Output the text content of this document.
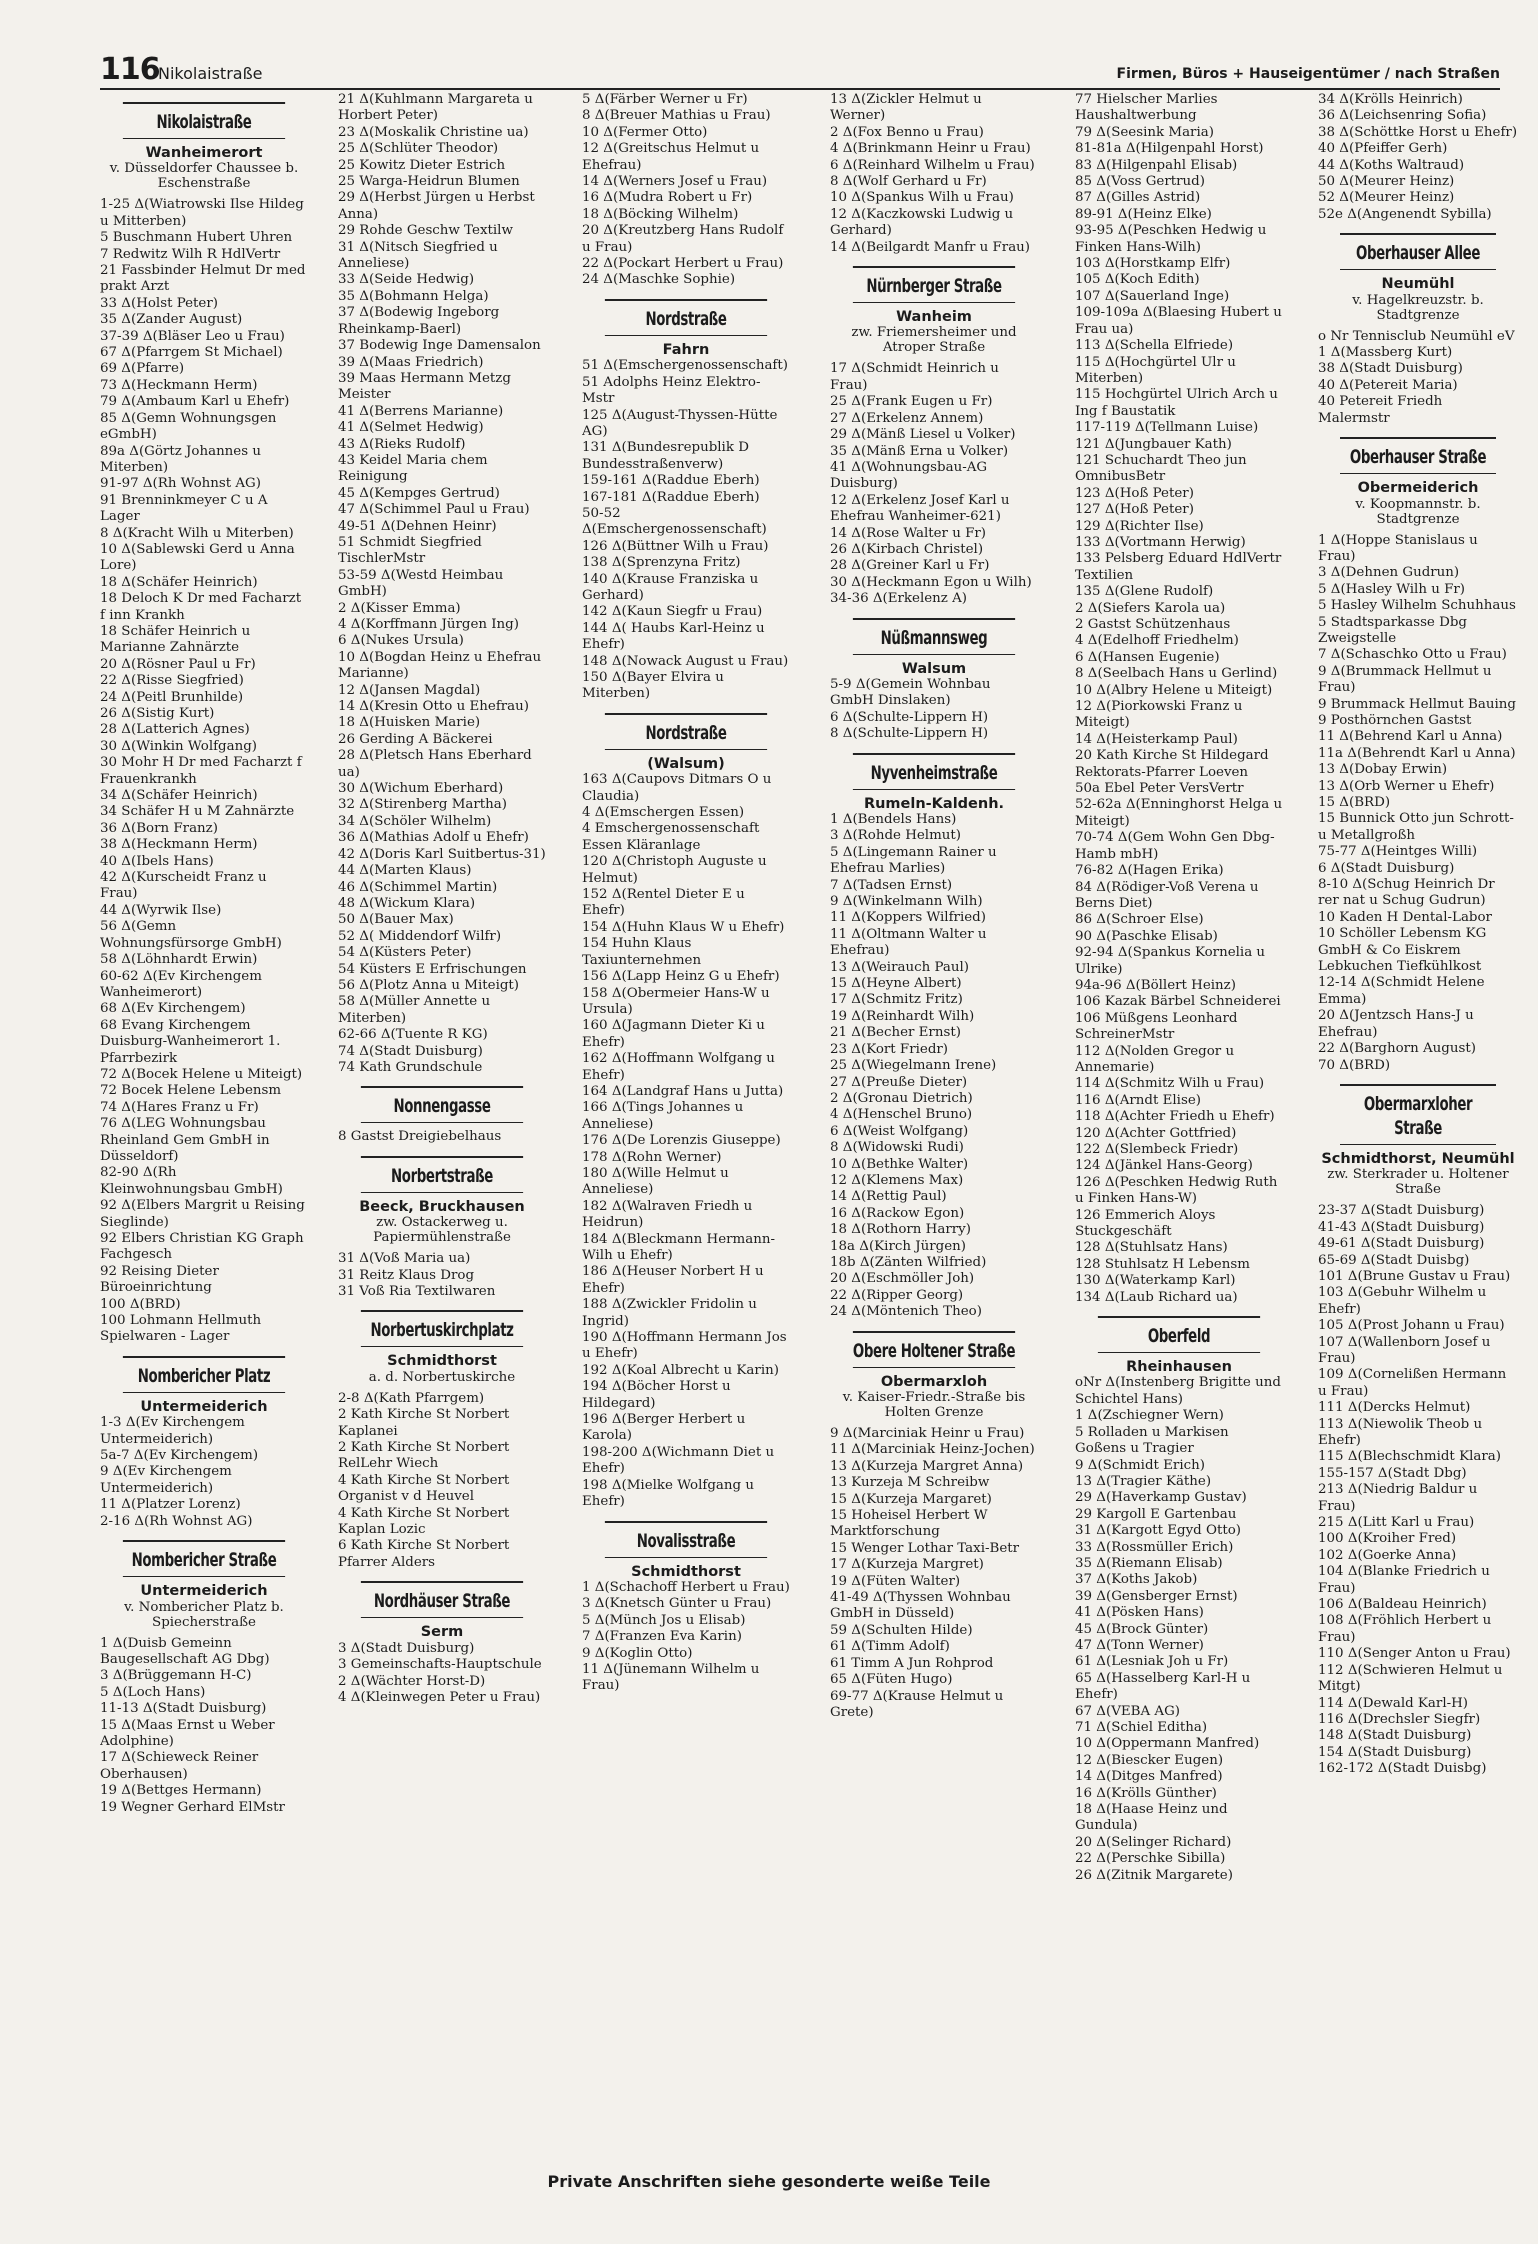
116
Nikolaistraße	Firmen, Büros + Hauseigentümer / nach Straßen
Nikolaistraße
Wanheimerort
v. Düsseldorfer Chaussee b. Eschenstraße
1-25 Δ(Wiatrowski Ilse Hildeg u Mitterben)
5 Buschmann Hubert Uhren
7 Redwitz Wilh R HdlVertr
21 Fassbinder Helmut Dr med prakt Arzt
33 Δ(Holst Peter)
35 Δ(Zander August)
37-39 Δ(Bläser Leo u Frau)
67 Δ(Pfarrgem St Michael)
69 Δ(Pfarre)
73 Δ(Heckmann Herm)
79 Δ(Ambaum Karl u Ehefr)
85 Δ(Gemn Wohnungsgen eGmbH)
89a Δ(Görtz Johannes u Miterben)
91-97 Δ(Rh Wohnst AG)
91 Brenninkmeyer C u A Lager
8 Δ(Kracht Wilh u Miterben)
10 Δ(Sablewski Gerd u Anna Lore)
18 Δ(Schäfer Heinrich)
18 Deloch K Dr med Facharzt f inn Krankh
18 Schäfer Heinrich u Marianne Zahnärzte
20 Δ(Rösner Paul u Fr)
22 Δ(Risse Siegfried)
24 Δ(Peitl Brunhilde)
26 Δ(Sistig Kurt)
28 Δ(Latterich Agnes)
30 Δ(Winkin Wolfgang)
30 Mohr H Dr med Facharzt f Frauenkrankh
34 Δ(Schäfer Heinrich)
34 Schäfer H u M Zahnärzte
36 Δ(Born Franz)
38 Δ(Heckmann Herm)
40 Δ(Ibels Hans)
42 Δ(Kurscheidt Franz u Frau)
44 Δ(Wyrwik Ilse)
56 Δ(Gemn Wohnungsfürsorge GmbH)
58 Δ(Löhnhardt Erwin)
60-62 Δ(Ev Kirchengem Wanheimerort)
68 Δ(Ev Kirchengem)
68 Evang Kirchengem Duisburg-Wanheimerort 1. Pfarrbezirk
72 Δ(Bocek Helene u Miteigt)
72 Bocek Helene Lebensm
74 Δ(Hares Franz u Fr)
76 Δ(LEG Wohnungsbau Rheinland Gem GmbH in Düsseldorf)
82-90 Δ(Rh Kleinwohnungsbau GmbH)
92 Δ(Elbers Margrit u Reising Sieglinde)
92 Elbers Christian KG Graph Fachgesch
92 Reising Dieter Büroeinrichtung
100 Δ(BRD)
100 Lohmann Hellmuth Spielwaren - Lager
Nombericher Platz
Untermeiderich
1-3 Δ(Ev Kirchengem Untermeiderich)
5a-7 Δ(Ev Kirchengem)
9 Δ(Ev Kirchengem Untermeiderich)
11 Δ(Platzer Lorenz)
2-16 Δ(Rh Wohnst AG)
Nombericher Straße
Untermeiderich
v. Nombericher Platz b. Spiecherstraße
1 Δ(Duisb Gemeinn Baugesellschaft AG Dbg)
3 Δ(Brüggemann H-C)
5 Δ(Loch Hans)
11-13 Δ(Stadt Duisburg)
15 Δ(Maas Ernst u Weber Adolphine)
17 Δ(Schieweck Reiner Oberhausen)
19 Δ(Bettges Hermann)
19 Wegner Gerhard ElMstr
21 Δ(Kuhlmann Margareta u Horbert Peter)
23 Δ(Moskalik Christine ua)
25 Δ(Schlüter Theodor)
25 Kowitz Dieter Estrich
25 Warga-Heidrun Blumen
29 Δ(Herbst Jürgen u Herbst Anna)
29 Rohde Geschw Textilw
31 Δ(Nitsch Siegfried u Anneliese)
33 Δ(Seide Hedwig)
35 Δ(Bohmann Helga)
37 Δ(Bodewig Ingeborg Rheinkamp-Baerl)
37 Bodewig Inge Damensalon
39 Δ(Maas Friedrich)
39 Maas Hermann Metzg Meister
41 Δ(Berrens Marianne)
41 Δ(Selmet Hedwig)
43 Δ(Rieks Rudolf)
43 Keidel Maria chem Reinigung
45 Δ(Kempges Gertrud)
47 Δ(Schimmel Paul u Frau)
49-51 Δ(Dehnen Heinr)
51 Schmidt Siegfried TischlerMstr
53-59 Δ(Westd Heimbau GmbH)
2 Δ(Kisser Emma)
4 Δ(Korffmann Jürgen Ing)
6 Δ(Nukes Ursula)
10 Δ(Bogdan Heinz u Ehefrau Marianne)
12 Δ(Jansen Magdal)
14 Δ(Kresin Otto u Ehefrau)
18 Δ(Huisken Marie)
26 Gerding A Bäckerei
28 Δ(Pletsch Hans Eberhard ua)
30 Δ(Wichum Eberhard)
32 Δ(Stirenberg Martha)
34 Δ(Schöler Wilhelm)
36 Δ(Mathias Adolf u Ehefr)
42 Δ(Doris Karl Suitbertus-31)
44 Δ(Marten Klaus)
46 Δ(Schimmel Martin)
48 Δ(Wickum Klara)
50 Δ(Bauer Max)
52 Δ( Middendorf Wilfr)
54 Δ(Küsters Peter)
54 Küsters E Erfrischungen
56 Δ(Plotz Anna u Miteigt)
58 Δ(Müller Annette u Miterben)
62-66 Δ(Tuente R KG)
74 Δ(Stadt Duisburg)
74 Kath Grundschule
Nonnengasse
8 Gastst Dreigiebelhaus
Norbertstraße
Beeck, Bruckhausen
zw. Ostackerweg u. Papiermühlenstraße
31 Δ(Voß Maria ua)
31 Reitz Klaus Drog
31 Voß Ria Textilwaren
Norbertuskirchplatz
Schmidthorst
a. d. Norbertuskirche
2-8 Δ(Kath Pfarrgem)
2 Kath Kirche St Norbert Kaplanei
2 Kath Kirche St Norbert RelLehr Wiech
4 Kath Kirche St Norbert Organist v d Heuvel
4 Kath Kirche St Norbert Kaplan Lozic
6 Kath Kirche St Norbert Pfarrer Alders
Nordhäuser Straße
Serm
3 Δ(Stadt Duisburg)
3 Gemeinschafts-Hauptschule
2 Δ(Wächter Horst-D)
4 Δ(Kleinwegen Peter u Frau)
5 Δ(Färber Werner u Fr)
8 Δ(Breuer Mathias u Frau)
10 Δ(Fermer Otto)
12 Δ(Greitschus Helmut u Ehefrau)
14 Δ(Werners Josef u Frau)
16 Δ(Mudra Robert u Fr)
18 Δ(Böcking Wilhelm)
20 Δ(Kreutzberg Hans Rudolf u Frau)
22 Δ(Pockart Herbert u Frau)
24 Δ(Maschke Sophie)
Nordstraße
Fahrn
51 Δ(Emschergenossenschaft)
51 Adolphs Heinz Elektro-Mstr
125 Δ(August-Thyssen-Hütte AG)
131 Δ(Bundesrepublik D Bundesstraßenverw)
159-161 Δ(Raddue Eberh)
167-181 Δ(Raddue Eberh)
50-52 Δ(Emschergenossenschaft)
126 Δ(Büttner Wilh u Frau)
138 Δ(Sprenzyna Fritz)
140 Δ(Krause Franziska u Gerhard)
142 Δ(Kaun Siegfr u Frau)
144 Δ( Haubs Karl-Heinz u Ehefr)
148 Δ(Nowack August u Frau)
150 Δ(Bayer Elvira u Miterben)
Nordstraße
(Walsum)
163 Δ(Caupovs Ditmars O u Claudia)
4 Δ(Emschergen Essen)
4 Emschergenossenschaft Essen Kläranlage
120 Δ(Christoph Auguste u Helmut)
152 Δ(Rentel Dieter E u Ehefr)
154 Δ(Huhn Klaus W u Ehefr)
154 Huhn Klaus Taxiunternehmen
156 Δ(Lapp Heinz G u Ehefr)
158 Δ(Obermeier Hans-W u Ursula)
160 Δ(Jagmann Dieter Ki u Ehefr)
162 Δ(Hoffmann Wolfgang u Ehefr)
164 Δ(Landgraf Hans u Jutta)
166 Δ(Tings Johannes u Anneliese)
176 Δ(De Lorenzis Giuseppe)
178 Δ(Rohn Werner)
180 Δ(Wille Helmut u Anneliese)
182 Δ(Walraven Friedh u Heidrun)
184 Δ(Bleckmann Hermann-Wilh u Ehefr)
186 Δ(Heuser Norbert H u Ehefr)
188 Δ(Zwickler Fridolin u Ingrid)
190 Δ(Hoffmann Hermann Jos u Ehefr)
192 Δ(Koal Albrecht u Karin)
194 Δ(Böcher Horst u Hildegard)
196 Δ(Berger Herbert u Karola)
198-200 Δ(Wichmann Diet u Ehefr)
198 Δ(Mielke Wolfgang u Ehefr)
Novalisstraße
Schmidthorst
1 Δ(Schachoff Herbert u Frau)
3 Δ(Knetsch Günter u Frau)
5 Δ(Münch Jos u Elisab)
7 Δ(Franzen Eva Karin)
9 Δ(Koglin Otto)
11 Δ(Jünemann Wilhelm u Frau)
13 Δ(Zickler Helmut u Werner)
2 Δ(Fox Benno u Frau)
4 Δ(Brinkmann Heinr u Frau)
6 Δ(Reinhard Wilhelm u Frau)
8 Δ(Wolf Gerhard u Fr)
10 Δ(Spankus Wilh u Frau)
12 Δ(Kaczkowski Ludwig u Gerhard)
14 Δ(Beilgardt Manfr u Frau)
Nürnberger Straße
Wanheim
zw. Friemersheimer und Atroper Straße
17 Δ(Schmidt Heinrich u Frau)
25 Δ(Frank Eugen u Fr)
27 Δ(Erkelenz Annem)
29 Δ(Mänß Liesel u Volker)
35 Δ(Mänß Erna u Volker)
41 Δ(Wohnungsbau-AG Duisburg)
12 Δ(Erkelenz Josef Karl u Ehefrau Wanheimer-621)
14 Δ(Rose Walter u Fr)
26 Δ(Kirbach Christel)
28 Δ(Greiner Karl u Fr)
30 Δ(Heckmann Egon u Wilh)
34-36 Δ(Erkelenz A)
Nüßmannsweg
Walsum
5-9 Δ(Gemein Wohnbau GmbH Dinslaken)
6 Δ(Schulte-Lippern H)
8 Δ(Schulte-Lippern H)
Nyvenheimstraße
Rumeln-Kaldenh.
1 Δ(Bendels Hans)
3 Δ(Rohde Helmut)
5 Δ(Lingemann Rainer u Ehefrau Marlies)
7 Δ(Tadsen Ernst)
9 Δ(Winkelmann Wilh)
11 Δ(Koppers Wilfried)
11 Δ(Oltmann Walter u Ehefrau)
13 Δ(Weirauch Paul)
15 Δ(Heyne Albert)
17 Δ(Schmitz Fritz)
19 Δ(Reinhardt Wilh)
21 Δ(Becher Ernst)
23 Δ(Kort Friedr)
25 Δ(Wiegelmann Irene)
27 Δ(Preuße Dieter)
2 Δ(Gronau Dietrich)
4 Δ(Henschel Bruno)
6 Δ(Weist Wolfgang)
8 Δ(Widowski Rudi)
10 Δ(Bethke Walter)
12 Δ(Klemens Max)
14 Δ(Rettig Paul)
16 Δ(Rackow Egon)
18 Δ(Rothorn Harry)
18a Δ(Kirch Jürgen)
18b Δ(Zänten Wilfried)
20 Δ(Eschmöller Joh)
22 Δ(Ripper Georg)
24 Δ(Möntenich Theo)
Obere Holtener Straße
Obermarxloh
v. Kaiser-Friedr.-Straße bis Holten Grenze
9 Δ(Marciniak Heinr u Frau)
11 Δ(Marciniak Heinz-Jochen)
13 Δ(Kurzeja Margret Anna)
13 Kurzeja M Schreibw
15 Δ(Kurzeja Margaret)
15 Hoheisel Herbert W Marktforschung
15 Wenger Lothar Taxi-Betr
17 Δ(Kurzeja Margret)
19 Δ(Füten Walter)
41-49 Δ(Thyssen Wohnbau GmbH in Düsseld)
59 Δ(Schulten Hilde)
61 Δ(Timm Adolf)
61 Timm A Jun Rohprod
65 Δ(Füten Hugo)
69-77 Δ(Krause Helmut u Grete)
77 Hielscher Marlies Haushaltwerbung
79 Δ(Seesink Maria)
81-81a Δ(Hilgenpahl Horst)
83 Δ(Hilgenpahl Elisab)
85 Δ(Voss Gertrud)
87 Δ(Gilles Astrid)
89-91 Δ(Heinz Elke)
93-95 Δ(Peschken Hedwig u Finken Hans-Wilh)
103 Δ(Horstkamp Elfr)
105 Δ(Koch Edith)
107 Δ(Sauerland Inge)
109-109a Δ(Blaesing Hubert u Frau ua)
113 Δ(Schella Elfriede)
115 Δ(Hochgürtel Ulr u Miterben)
115 Hochgürtel Ulrich Arch u Ing f Baustatik
117-119 Δ(Tellmann Luise)
121 Δ(Jungbauer Kath)
121 Schuchardt Theo jun OmnibusBetr
123 Δ(Hoß Peter)
127 Δ(Hoß Peter)
129 Δ(Richter Ilse)
133 Δ(Vortmann Herwig)
133 Pelsberg Eduard HdlVertr Textilien
135 Δ(Glene Rudolf)
2 Δ(Siefers Karola ua)
2 Gastst Schützenhaus
4 Δ(Edelhoff Friedhelm)
6 Δ(Hansen Eugenie)
8 Δ(Seelbach Hans u Gerlind)
10 Δ(Albry Helene u Miteigt)
12 Δ(Piorkowski Franz u Miteigt)
14 Δ(Heisterkamp Paul)
20 Kath Kirche St Hildegard Rektorats-Pfarrer Loeven
50a Ebel Peter VersVertr
52-62a Δ(Enninghorst Helga u Miteigt)
70-74 Δ(Gem Wohn Gen Dbg-Hamb mbH)
76-82 Δ(Hagen Erika)
84 Δ(Rödiger-Voß Verena u Berns Diet)
86 Δ(Schroer Else)
90 Δ(Paschke Elisab)
92-94 Δ(Spankus Kornelia u Ulrike)
94a-96 Δ(Böllert Heinz)
106 Kazak Bärbel Schneiderei
106 Müßgens Leonhard SchreinerMstr
112 Δ(Nolden Gregor u Annemarie)
114 Δ(Schmitz Wilh u Frau)
116 Δ(Arndt Elise)
118 Δ(Achter Friedh u Ehefr)
120 Δ(Achter Gottfried)
122 Δ(Slembeck Friedr)
124 Δ(Jänkel Hans-Georg)
126 Δ(Peschken Hedwig Ruth u Finken Hans-W)
126 Emmerich Aloys Stuckgeschäft
128 Δ(Stuhlsatz Hans)
128 Stuhlsatz H Lebensm
130 Δ(Waterkamp Karl)
134 Δ(Laub Richard ua)
Oberfeld
Rheinhausen
oNr Δ(Instenberg Brigitte und Schichtel Hans)
1 Δ(Zschiegner Wern)
5 Rolladen u Markisen Goßens u Tragier
9 Δ(Schmidt Erich)
13 Δ(Tragier Käthe)
29 Δ(Haverkamp Gustav)
29 Kargoll E Gartenbau
31 Δ(Kargott Egyd Otto)
33 Δ(Rossmüller Erich)
35 Δ(Riemann Elisab)
37 Δ(Koths Jakob)
39 Δ(Gensberger Ernst)
41 Δ(Pösken Hans)
45 Δ(Brock Günter)
47 Δ(Tonn Werner)
61 Δ(Lesniak Joh u Fr)
65 Δ(Hasselberg Karl-H u Ehefr)
67 Δ(VEBA AG)
71 Δ(Schiel Editha)
10 Δ(Oppermann Manfred)
12 Δ(Biescker Eugen)
14 Δ(Ditges Manfred)
16 Δ(Krölls Günther)
18 Δ(Haase Heinz und Gundula)
20 Δ(Selinger Richard)
22 Δ(Perschke Sibilla)
26 Δ(Zitnik Margarete)
34 Δ(Krölls Heinrich)
36 Δ(Leichsenring Sofia)
38 Δ(Schöttke Horst u Ehefr)
40 Δ(Pfeiffer Gerh)
44 Δ(Koths Waltraud)
50 Δ(Meurer Heinz)
52 Δ(Meurer Heinz)
52e Δ(Angenendt Sybilla)
Oberhauser Allee
Neumühl
v. Hagelkreuzstr. b. Stadtgrenze
o Nr Tennisclub Neumühl eV
1 Δ(Massberg Kurt)
38 Δ(Stadt Duisburg)
40 Δ(Petereit Maria)
40 Petereit Friedh Malermstr
Oberhauser Straße
Obermeiderich
v. Koopmannstr. b. Stadtgrenze
1 Δ(Hoppe Stanislaus u Frau)
3 Δ(Dehnen Gudrun)
5 Δ(Hasley Wilh u Fr)
5 Hasley Wilhelm Schuhhaus
5 Stadtsparkasse Dbg Zweigstelle
7 Δ(Schaschko Otto u Frau)
9 Δ(Brummack Hellmut u Frau)
9 Brummack Hellmut Bauing
9 Posthörnchen Gastst
11 Δ(Behrend Karl u Anna)
11a Δ(Behrendt Karl u Anna)
13 Δ(Dobay Erwin)
13 Δ(Orb Werner u Ehefr)
15 Δ(BRD)
15 Bunnick Otto jun Schrott- u Metallgroßh
75-77 Δ(Heintges Willi)
6 Δ(Stadt Duisburg)
8-10 Δ(Schug Heinrich Dr rer nat u Schug Gudrun)
10 Kaden H Dental-Labor
10 Schöller Lebensm KG GmbH & Co Eiskrem Lebkuchen Tiefkühlkost
12-14 Δ(Schmidt Helene Emma)
20 Δ(Jentzsch Hans-J u Ehefrau)
22 Δ(Barghorn August)
70 Δ(BRD)
Obermarxloher Straße
Schmidthorst, Neumühl
zw. Sterkrader u. Holtener Straße
23-37 Δ(Stadt Duisburg)
41-43 Δ(Stadt Duisburg)
49-61 Δ(Stadt Duisburg)
65-69 Δ(Stadt Duisbg)
101 Δ(Brune Gustav u Frau)
103 Δ(Gebuhr Wilhelm u Ehefr)
105 Δ(Prost Johann u Frau)
107 Δ(Wallenborn Josef u Frau)
109 Δ(Cornelißen Hermann u Frau)
111 Δ(Dercks Helmut)
113 Δ(Niewolik Theob u Ehefr)
115 Δ(Blechschmidt Klara)
155-157 Δ(Stadt Dbg)
213 Δ(Niedrig Baldur u Frau)
215 Δ(Litt Karl u Frau)
100 Δ(Kroiher Fred)
102 Δ(Goerke Anna)
104 Δ(Blanke Friedrich u Frau)
106 Δ(Baldeau Heinrich)
108 Δ(Fröhlich Herbert u Frau)
110 Δ(Senger Anton u Frau)
112 Δ(Schwieren Helmut u Mitgt)
114 Δ(Dewald Karl-H)
116 Δ(Drechsler Siegfr)
148 Δ(Stadt Duisburg)
154 Δ(Stadt Duisburg)
162-172 Δ(Stadt Duisbg)
Private Anschriften siehe gesonderte weiße Teile
